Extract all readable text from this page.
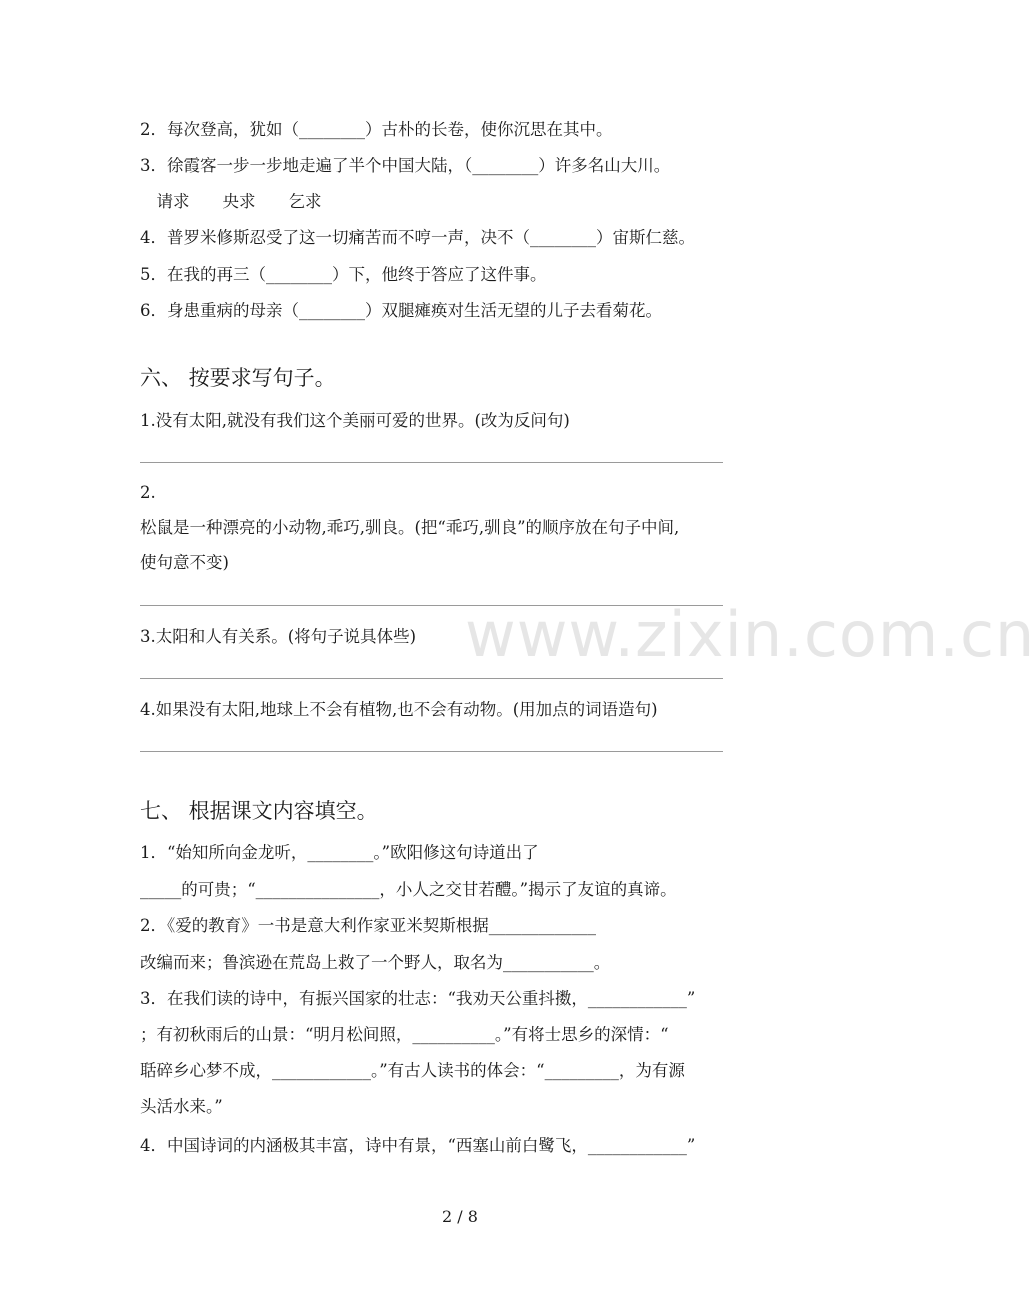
www.zixin.com.cn
2．每次登高，犹如（________）古朴的长卷，使你沉思在其中。
3．徐霞客一步一步地走遍了半个中国大陆，（________）许多名山大川。
　请求　　央求　　乞求
4．普罗米修斯忍受了这一切痛苦而不哼一声，决不（________）宙斯仁慈。
5．在我的再三（________）下，他终于答应了这件事。
6．身患重病的母亲（________）双腿瘫痪对生活无望的儿子去看菊花。
六、 按要求写句子。
1.没有太阳,就没有我们这个美丽可爱的世界。(改为反问句)
2.
松鼠是一种漂亮的小动物,乖巧,驯良。(把“乖巧,驯良”的顺序放在句子中间,
使句意不变)
3.太阳和人有关系。(将句子说具体些)
4.如果没有太阳,地球上不会有植物,也不会有动物。(用加点的词语造句)
七、 根据课文内容填空。
1．“始知所向金龙听，________。”欧阳修这句诗道出了
_____的可贵；“_______________，小人之交甘若醴。”揭示了友谊的真谛。
2．《爱的教育》一书是意大利作家亚米契斯根据_____________
改编而来；鲁滨逊在荒岛上救了一个野人，取名为___________。
3．在我们读的诗中，有振兴国家的壮志：“我劝天公重抖擞，____________”
；有初秋雨后的山景：“明月松间照，__________。”有将士思乡的深情：“
聒碎乡心梦不成，____________。”有古人读书的体会：“_________，为有源
头活水来。”
4．中国诗词的内涵极其丰富，诗中有景，“西塞山前白鹭飞，____________”
2 / 8
